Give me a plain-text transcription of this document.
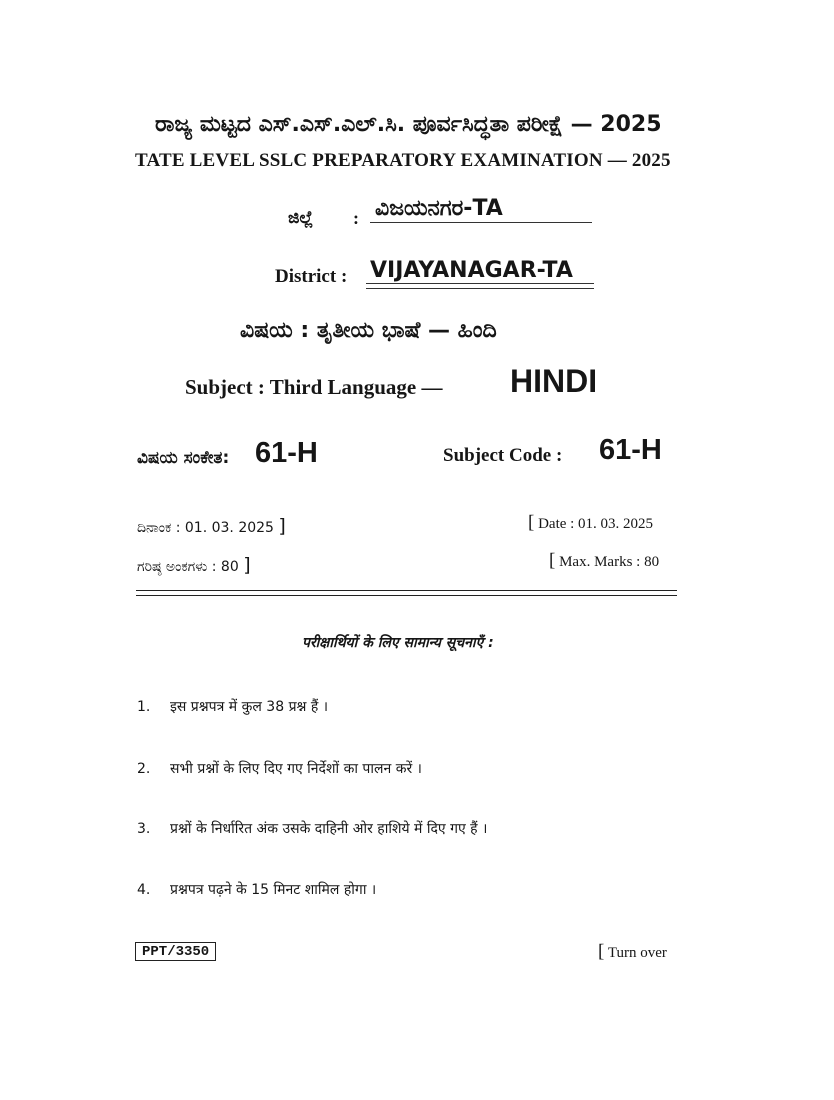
ರಾಜ್ಯ ಮಟ್ಟದ ಎಸ್.ಎಸ್.ಎಲ್.ಸಿ. ಪೂರ್ವಸಿದ್ಧತಾ ಪರೀಕ್ಷೆ — 2025
TATE LEVEL SSLC PREPARATORY EXAMINATION — 2025
ಜಿಲ್ಲೆ : ವಿಜಯನಗರ-TA
District : VIJAYANAGAR-TA
ವಿಷಯ : ತೃತೀಯ ಭಾಷೆ — ಹಿಂದಿ
Subject : Third Language — HINDI
ವಿಷಯ ಸಂಕೇತ: 61-H	Subject Code : 61-H
ದಿನಾಂಕ : 01. 03. 2025 ]
ಗರಿಷ್ಠ ಅಂಕಗಳು : 80 ]
[ Date : 01. 03. 2025
[ Max. Marks : 80
परीक्षार्थियों के लिए सामान्य सूचनाएँ :
1. इस प्रश्नपत्र में कुल 38 प्रश्न हैं ।
2. सभी प्रश्नों के लिए दिए गए निर्देशों का पालन करें ।
3. प्रश्नों के निर्धारित अंक उसके दाहिनी ओर हाशिये में दिए गए हैं ।
4. प्रश्नपत्र पढ़ने के 15 मिनट शामिल होगा ।
PPT/3350	[ Turn over
